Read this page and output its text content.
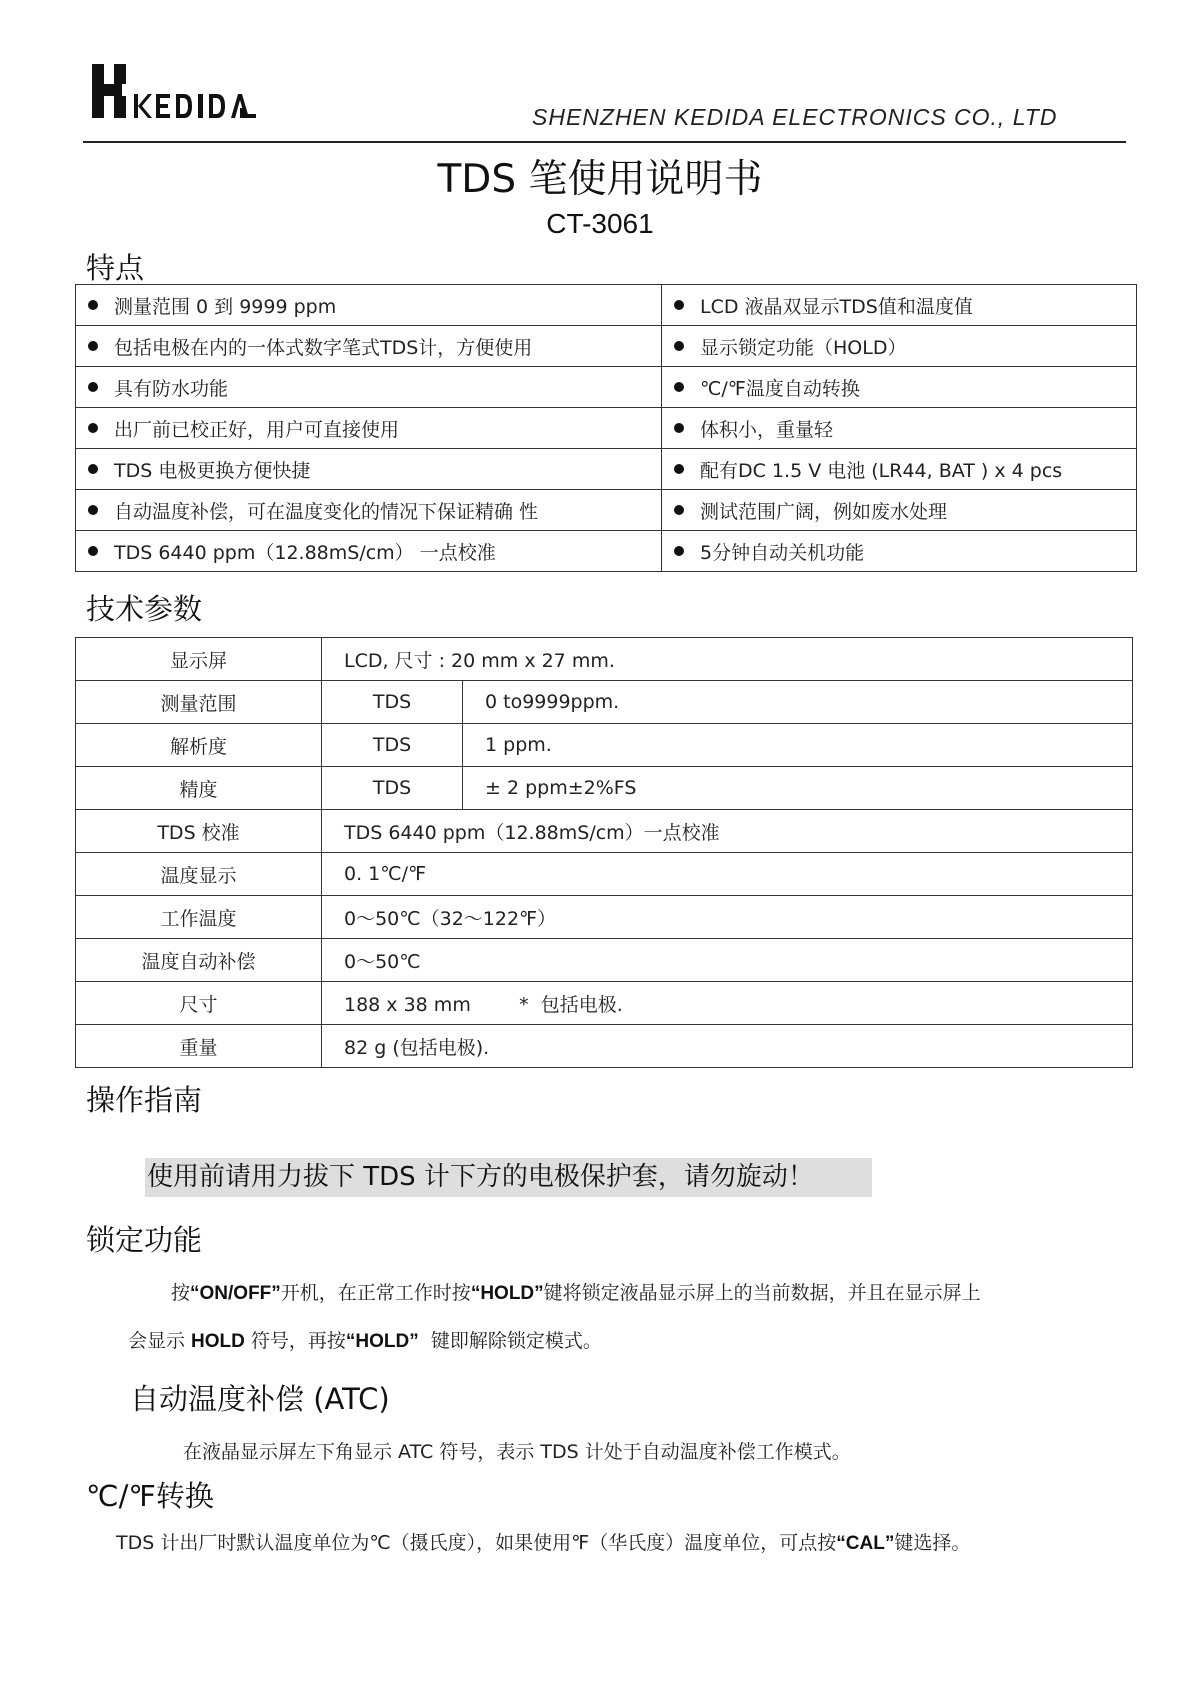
SHENZHEN KEDIDA ELECTRONICS CO., LTD
TDS 笔使用说明书
CT-3061
特点
测量范围 0 到 9999 ppm	LCD 液晶双显示TDS值和温度值
包括电极在内的一体式数字笔式TDS计，方便使用	显示锁定功能（HOLD）
具有防水功能	℃/℉温度自动转换
出厂前已校正好，用户可直接使用	体积小，重量轻
TDS 电极更换方便快捷	配有DC 1.5 V 电池 (LR44, BAT ) x 4 pcs
自动温度补偿，可在温度变化的情况下保证精确 性	测试范围广阔，例如废水处理
TDS 6440 ppm（12.88mS/cm） 一点校准	5分钟自动关机功能
技术参数
显示屏	LCD, 尺寸 : 20 mm x 27 mm.	
测量范围	TDS	0 to9999ppm.
解析度	TDS	1 ppm.
精度	TDS	± 2 ppm±2%FS
TDS 校准	TDS 6440 ppm（12.88mS/cm）一点校准	
温度显示	0. 1℃/℉	
工作温度	0～50℃（32～122℉）	
温度自动补偿	0～50℃	
尺寸	188 x 38 mm        *  包括电极.	
重量	82 g (包括电极).	
操作指南
使用前请用力拔下 TDS 计下方的电极保护套，请勿旋动！
锁定功能
按“ON/OFF”开机，在正常工作时按“HOLD”键将锁定液晶显示屏上的当前数据，并且在显示屏上
会显示 HOLD 符号，再按“HOLD”  键即解除锁定模式。
自动温度补偿 (ATC)
在液晶显示屏左下角显示 ATC 符号，表示 TDS 计处于自动温度补偿工作模式。
℃/℉转换
TDS 计出厂时默认温度单位为℃（摄氏度），如果使用℉（华氏度）温度单位，可点按“CAL”键选择。
